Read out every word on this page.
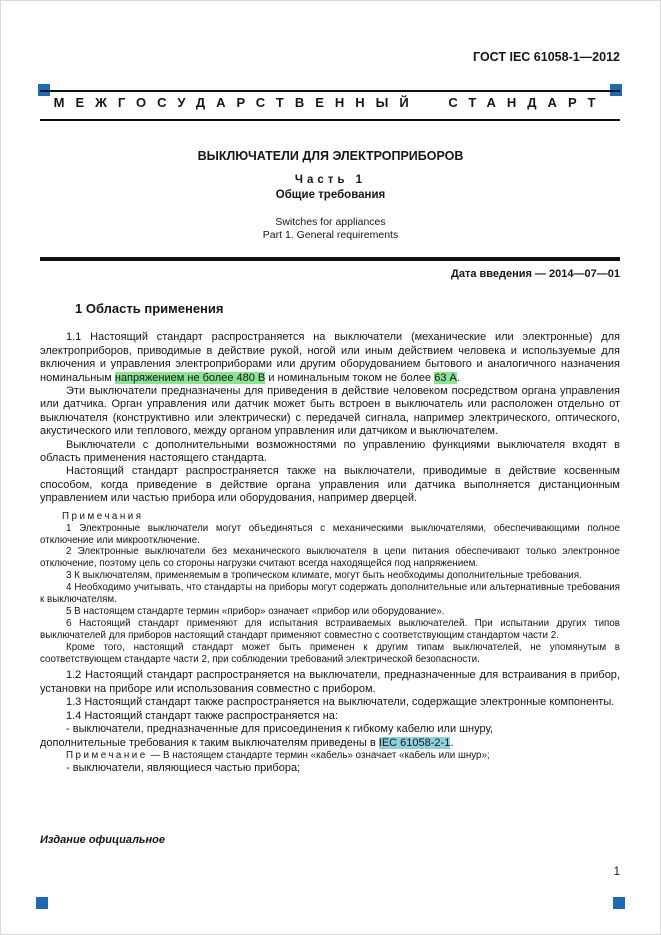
ГОСТ IEC 61058-1—2012
МЕЖГОСУДАРСТВЕННЫЙ СТАНДАРТ
ВЫКЛЮЧАТЕЛИ ДЛЯ ЭЛЕКТРОПРИБОРОВ
Часть 1
Общие требования
Switches for appliances
Part 1. General requirements
Дата введения — 2014—07—01
1 Область применения

1.1 Настоящий стандарт распространяется на выключатели (механические или электронные) для электроприборов, приводимые в действие рукой, ногой или иным действием человека и используемые для включения и управления электроприборами или другим оборудованием бытового и аналогичного назначения номинальным напряжением не более 480 В и номинальным током не более 63 А.

Эти выключатели предназначены для приведения в действие человеком посредством органа управления или датчика. Орган управления или датчик может быть встроен в выключатель или расположен отдельно от выключателя (конструктивно или электрически) с передачей сигнала, например электрического, оптического, акустического или теплового, между органом управления или датчиком и выключателем.

Выключатели с дополнительными возможностями по управлению функциями выключателя входят в область применения настоящего стандарта.

Настоящий стандарт распространяется также на выключатели, приводимые в действие косвенным способом, когда приведение в действие органа управления или датчика выполняется дистанционным управлением или частью прибора или оборудования, например дверцей.

Примечания

1 Электронные выключатели могут объединяться с механическими выключателями, обеспечивающими полное отключение или микроотключение.

2 Электронные выключатели без механического выключателя в цепи питания обеспечивают только электронное отключение, поэтому цепь со стороны нагрузки считают всегда находящейся под напряжением.

3 К выключателям, применяемым в тропическом климате, могут быть необходимы дополнительные требования.

4 Необходимо учитывать, что стандарты на приборы могут содержать дополнительные или альтернативные требования к выключателям.

5 В настоящем стандарте термин «прибор» означает «прибор или оборудование».

6 Настоящий стандарт применяют для испытания встраиваемых выключателей. При испытании других типов выключателей для приборов настоящий стандарт применяют совместно с соответствующим стандартом части 2.

Кроме того, настоящий стандарт может быть применен к другим типам выключателей, не упомянутым в соответствующем стандарте части 2, при соблюдении требований электрической безопасности.

1.2 Настоящий стандарт распространяется на выключатели, предназначенные для встраивания в прибор, установки на приборе или использования совместно с прибором.

1.3 Настоящий стандарт также распространяется на выключатели, содержащие электронные компоненты.

1.4 Настоящий стандарт также распространяется на:

- выключатели, предназначенные для присоединения к гибкому кабелю или шнуру,

дополнительные требования к таким выключателям приведены в IEC 61058-2-1.

Примечание — В настоящем стандарте термин «кабель» означает «кабель или шнур»;

- выключатели, являющиеся частью прибора;

Издание официальное
1
